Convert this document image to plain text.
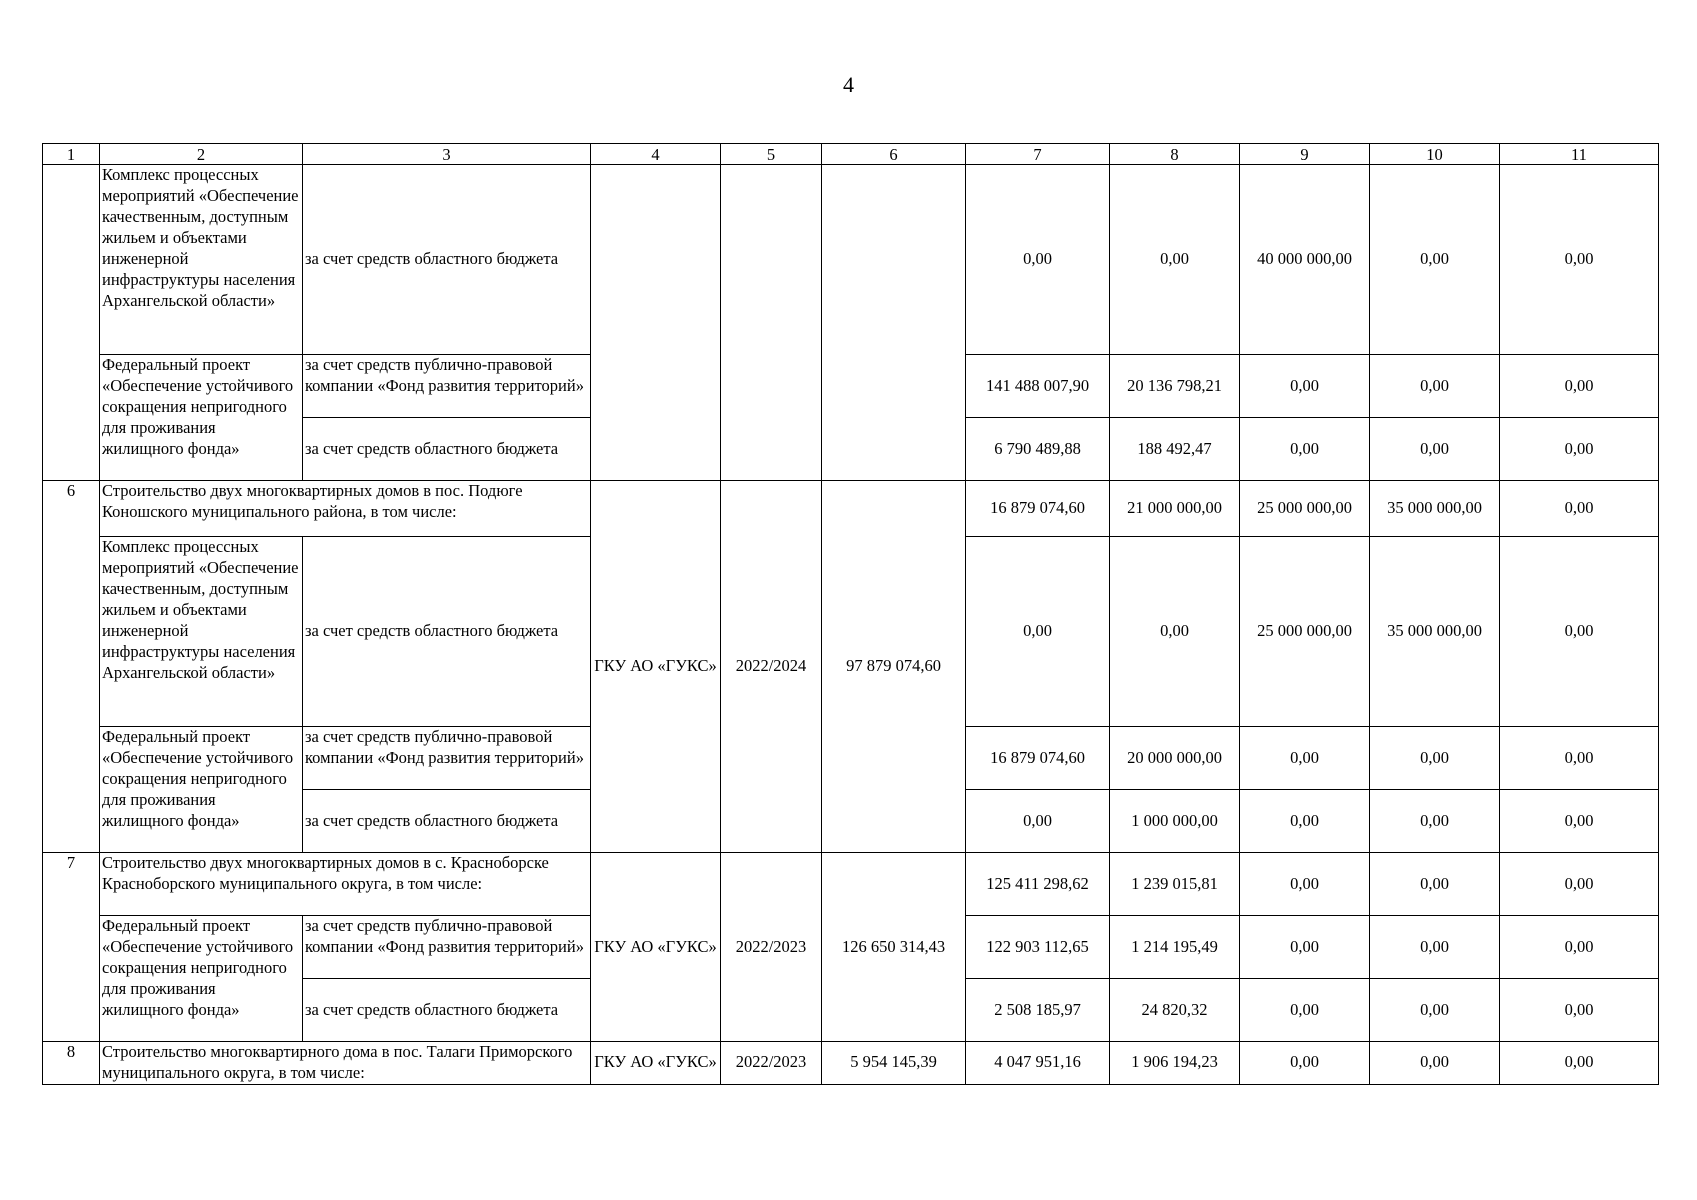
4
1	2	3	4	5	6	7	8	9	10	11
	Комплекс процессных мероприятий «Обеспечение качественным, доступным жильем и объектами инженерной инфраструктуры населения Архангельской области»	за счет средств областного бюджета				0,00	0,00	40 000 000,00	0,00	0,00
	Федеральный проект «Обеспечение устойчивого сокращения непригодного для проживания жилищного фонда»	за счет средств публично-правовой компании «Фонд развития территорий»				141 488 007,90	20 136 798,21	0,00	0,00	0,00
		за счет средств областного бюджета				6 790 489,88	188 492,47	0,00	0,00	0,00
6	Строительство двух многоквартирных домов в пос. Подюге Коношского муниципального района, в том числе:		ГКУ АО «ГУКС»	2022/2024	97 879 074,60	16 879 074,60	21 000 000,00	25 000 000,00	35 000 000,00	0,00
	Комплекс процессных мероприятий «Обеспечение качественным, доступным жильем и объектами инженерной инфраструктуры населения Архангельской области»	за счет средств областного бюджета				0,00	0,00	25 000 000,00	35 000 000,00	0,00
	Федеральный проект «Обеспечение устойчивого сокращения непригодного для проживания жилищного фонда»	за счет средств публично-правовой компании «Фонд развития территорий»				16 879 074,60	20 000 000,00	0,00	0,00	0,00
		за счет средств областного бюджета				0,00	1 000 000,00	0,00	0,00	0,00
7	Строительство двух многоквартирных домов в с. Красноборске Красноборского муниципального округа, в том числе:		ГКУ АО «ГУКС»	2022/2023	126 650 314,43	125 411 298,62	1 239 015,81	0,00	0,00	0,00
	Федеральный проект «Обеспечение устойчивого сокращения непригодного для проживания жилищного фонда»	за счет средств публично-правовой компании «Фонд развития территорий»				122 903 112,65	1 214 195,49	0,00	0,00	0,00
		за счет средств областного бюджета				2 508 185,97	24 820,32	0,00	0,00	0,00
8	Строительство многоквартирного дома в пос. Талаги Приморского муниципального округа, в том числе:		ГКУ АО «ГУКС»	2022/2023	5 954 145,39	4 047 951,16	1 906 194,23	0,00	0,00	0,00
